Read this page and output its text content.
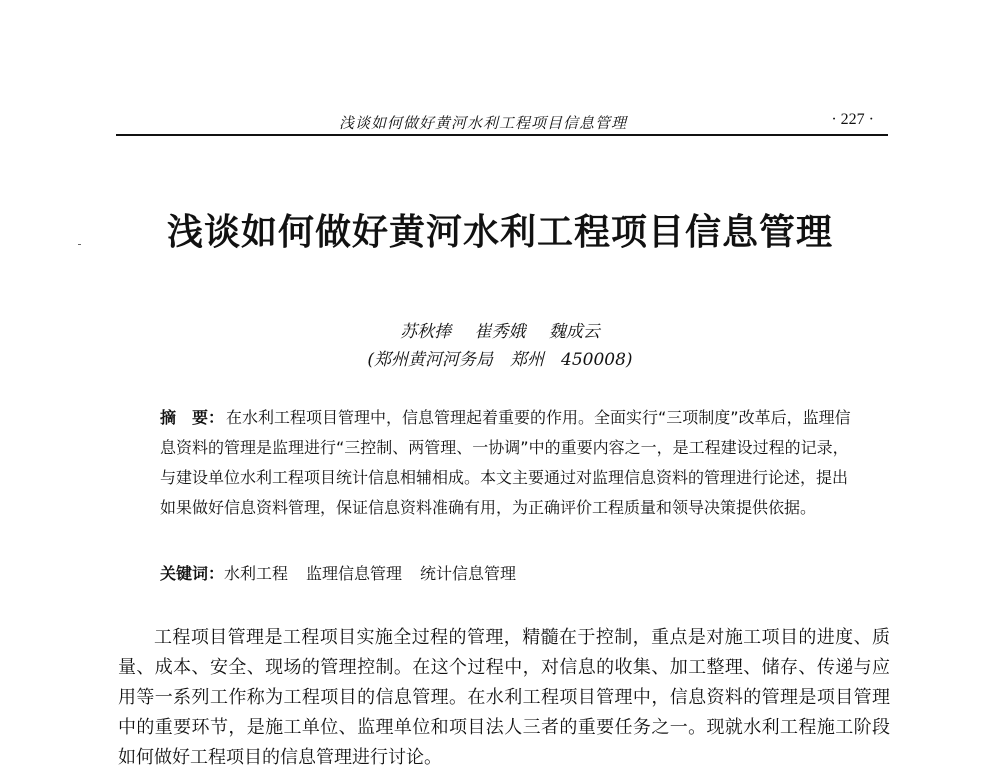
浅谈如何做好黄河水利工程项目信息管理	· 227 ·
浅谈如何做好黄河水利工程项目信息管理
苏秋捧 崔秀娥 魏成云
(郑州黄河河务局　郑州　450008)

摘　要： 在水利工程项目管理中，信息管理起着重要的作用。全面实行“三项制度”改革后，监理信息资料的管理是监理进行“三控制、两管理、一协调”中的重要内容之一，是工程建设过程的记录，与建设单位水利工程项目统计信息相辅相成。本文主要通过对监理信息资料的管理进行论述，提出如果做好信息资料管理，保证信息资料准确有用，为正确评价工程质量和领导决策提供依据。

关键词：水利工程 监理信息管理 统计信息管理

工程项目管理是工程项目实施全过程的管理，精髓在于控制，重点是对施工项目的进度、质量、成本、安全、现场的管理控制。在这个过程中，对信息的收集、加工整理、储存、传递与应用等一系列工作称为工程项目的信息管理。在水利工程项目管理中，信息资料的管理是项目管理中的重要环节，是施工单位、监理单位和项目法人三者的重要任务之一。现就水利工程施工阶段如何做好工程项目的信息管理进行讨论。
